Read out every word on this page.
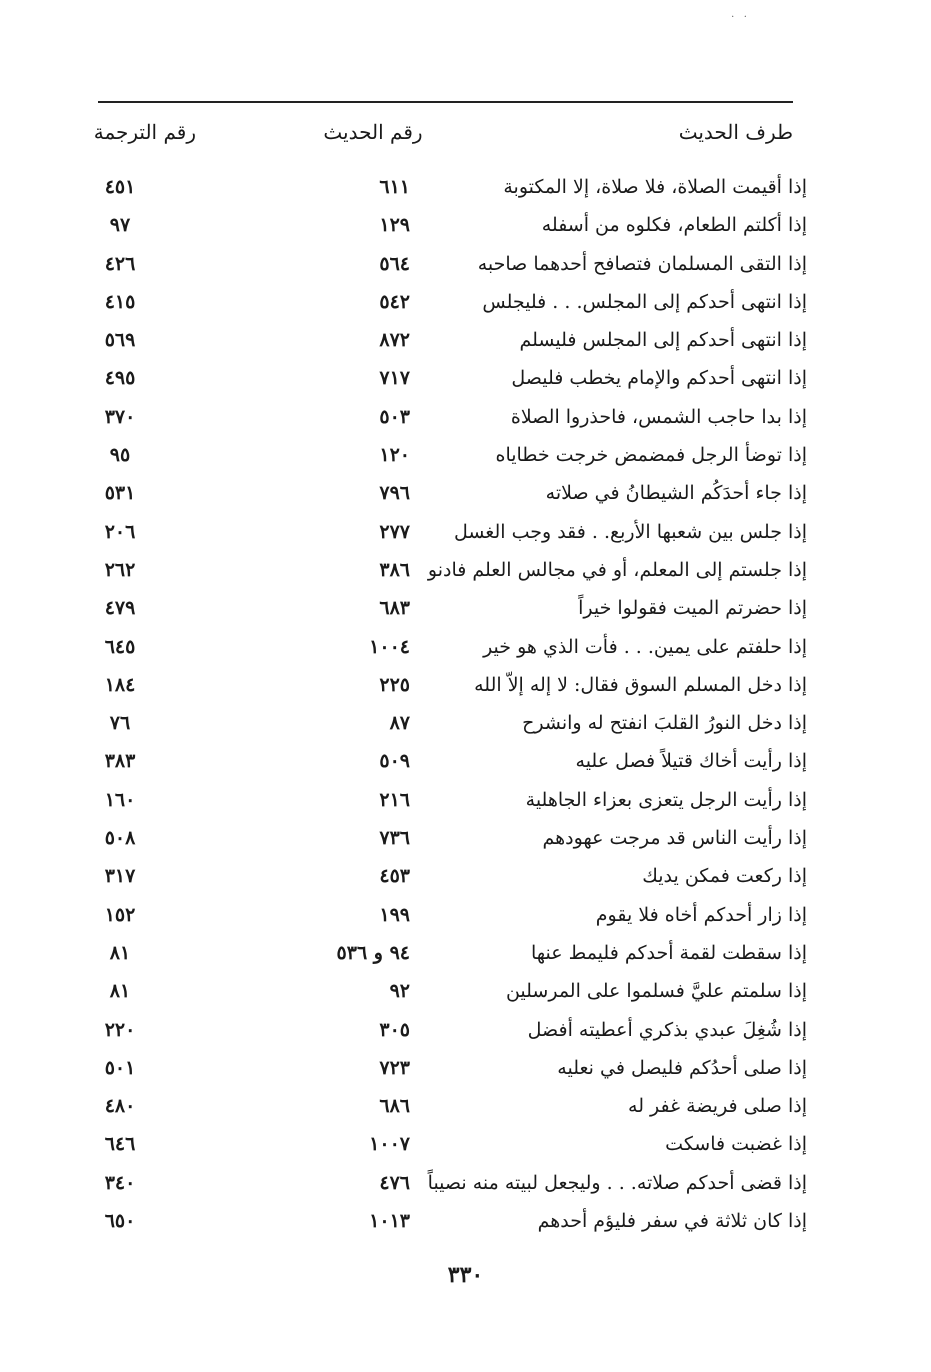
·   ·
طرف الحديث
رقم الحديث
رقم الترجمة
إذا أقيمت الصلاة، فلا صلاة، إلا المكتوبة
٦١١
٤٥١
إذا أكلتم الطعام، فكلوه من أسفله
١٢٩
٩٧
إذا التقى المسلمان فتصافح أحدهما صاحبه
٥٦٤
٤٢٦
إذا انتهى أحدكم إلى المجلس. . . فليجلس
٥٤٢
٤١٥
إذا انتهى أحدكم إلى المجلس فليسلم
٨٧٢
٥٦٩
إذا انتهى أحدكم والإمام يخطب فليصل
٧١٧
٤٩٥
إذا بدا حاجب الشمس، فاحذروا الصلاة
٥٠٣
٣٧٠
إذا توضأ الرجل فمضمض خرجت خطاياه
١٢٠
٩٥
إذا جاء أحدَكُم الشيطانُ في صلاته
٧٩٦
٥٣١
إذا جلس بين شعبها الأربع. . فقد وجب الغسل
٢٧٧
٢٠٦
إذا جلستم إلى المعلم، أو في مجالس العلم فادنو
٣٨٦
٢٦٢
إذا حضرتم الميت فقولوا خيراً
٦٨٣
٤٧٩
إذا حلفتم على يمين. . . فأت الذي هو خير
١٠٠٤
٦٤٥
إذا دخل المسلم السوق فقال: لا إله إلاّ الله
٢٢٥
١٨٤
إذا دخل النورُ القلبَ انفتح له وانشرح
٨٧
٧٦
إذا رأيت أخاك قتيلاً فصل عليه
٥٠٩
٣٨٣
إذا رأيت الرجل يتعزى بعزاء الجاهلية
٢١٦
١٦٠
إذا رأيت الناس قد مرجت عهودهم
٧٣٦
٥٠٨
إذا ركعت فمكن يديك
٤٥٣
٣١٧
إذا زار أحدكم أخاه فلا يقوم
١٩٩
١٥٢
إذا سقطت لقمة أحدكم فليمط عنها
٩٤ و ٥٣٦
٨١
إذا سلمتم عليَّ فسلموا على المرسلين
٩٢
٨١
إذا شُغِلَ عبدي بذكري أعطيته أفضل
٣٠٥
٢٢٠
إذا صلى أحدُكم فليصل في نعليه
٧٢٣
٥٠١
إذا صلى فريضة غفر له
٦٨٦
٤٨٠
إذا غضبت فاسكت
١٠٠٧
٦٤٦
إذا قضى أحدكم صلاته. . . وليجعل لبيته منه نصيباً
٤٧٦
٣٤٠
إذا كان ثلاثة في سفر فليؤم أحدهم
١٠١٣
٦٥٠
٣٣٠
